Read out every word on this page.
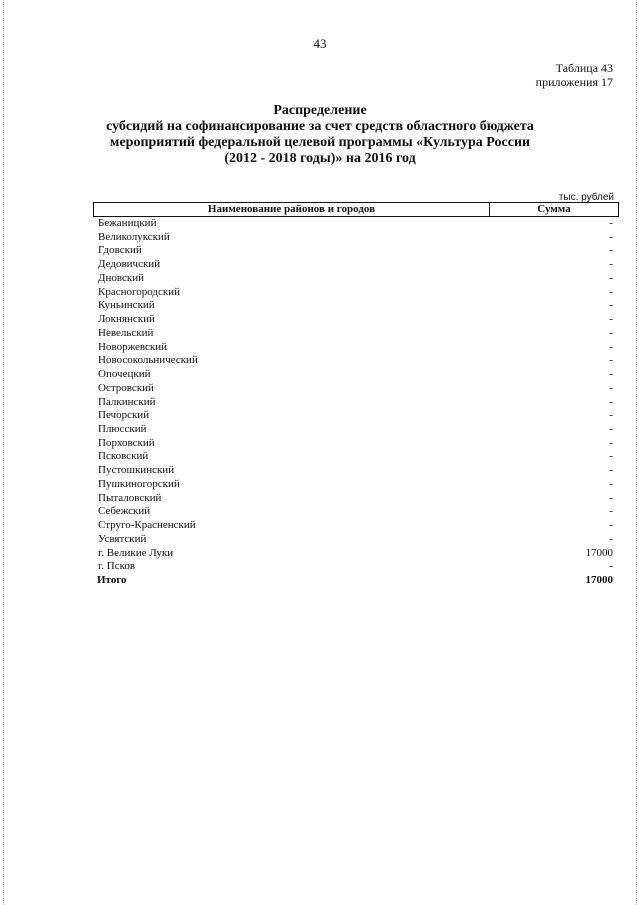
43
Таблица 43
приложения 17
Распределение
субсидий на софинансирование за счет средств областного бюджета
мероприятий федеральной целевой программы «Культура России
(2012 - 2018 годы)» на 2016 год
тыс. рублей
Наименование районов и городов	Сумма
Бежаницкий	-
Великолукский	-
Гдовский	-
Дедовичский	-
Дновский	-
Красногородский	-
Куньинский	-
Локнянский	-
Невельский	-
Новоржевский	-
Новосокольнический	-
Опочецкий	-
Островский	-
Палкинский	-
Печорский	-
Плюсский	-
Порховский	-
Псковский	-
Пустошкинский	-
Пушкиногорский	-
Пыталовский	-
Себежский	-
Струго-Красненский	-
Усвятский	-
г. Великие Луки	17000
г. Псков	-
Итого	17000
